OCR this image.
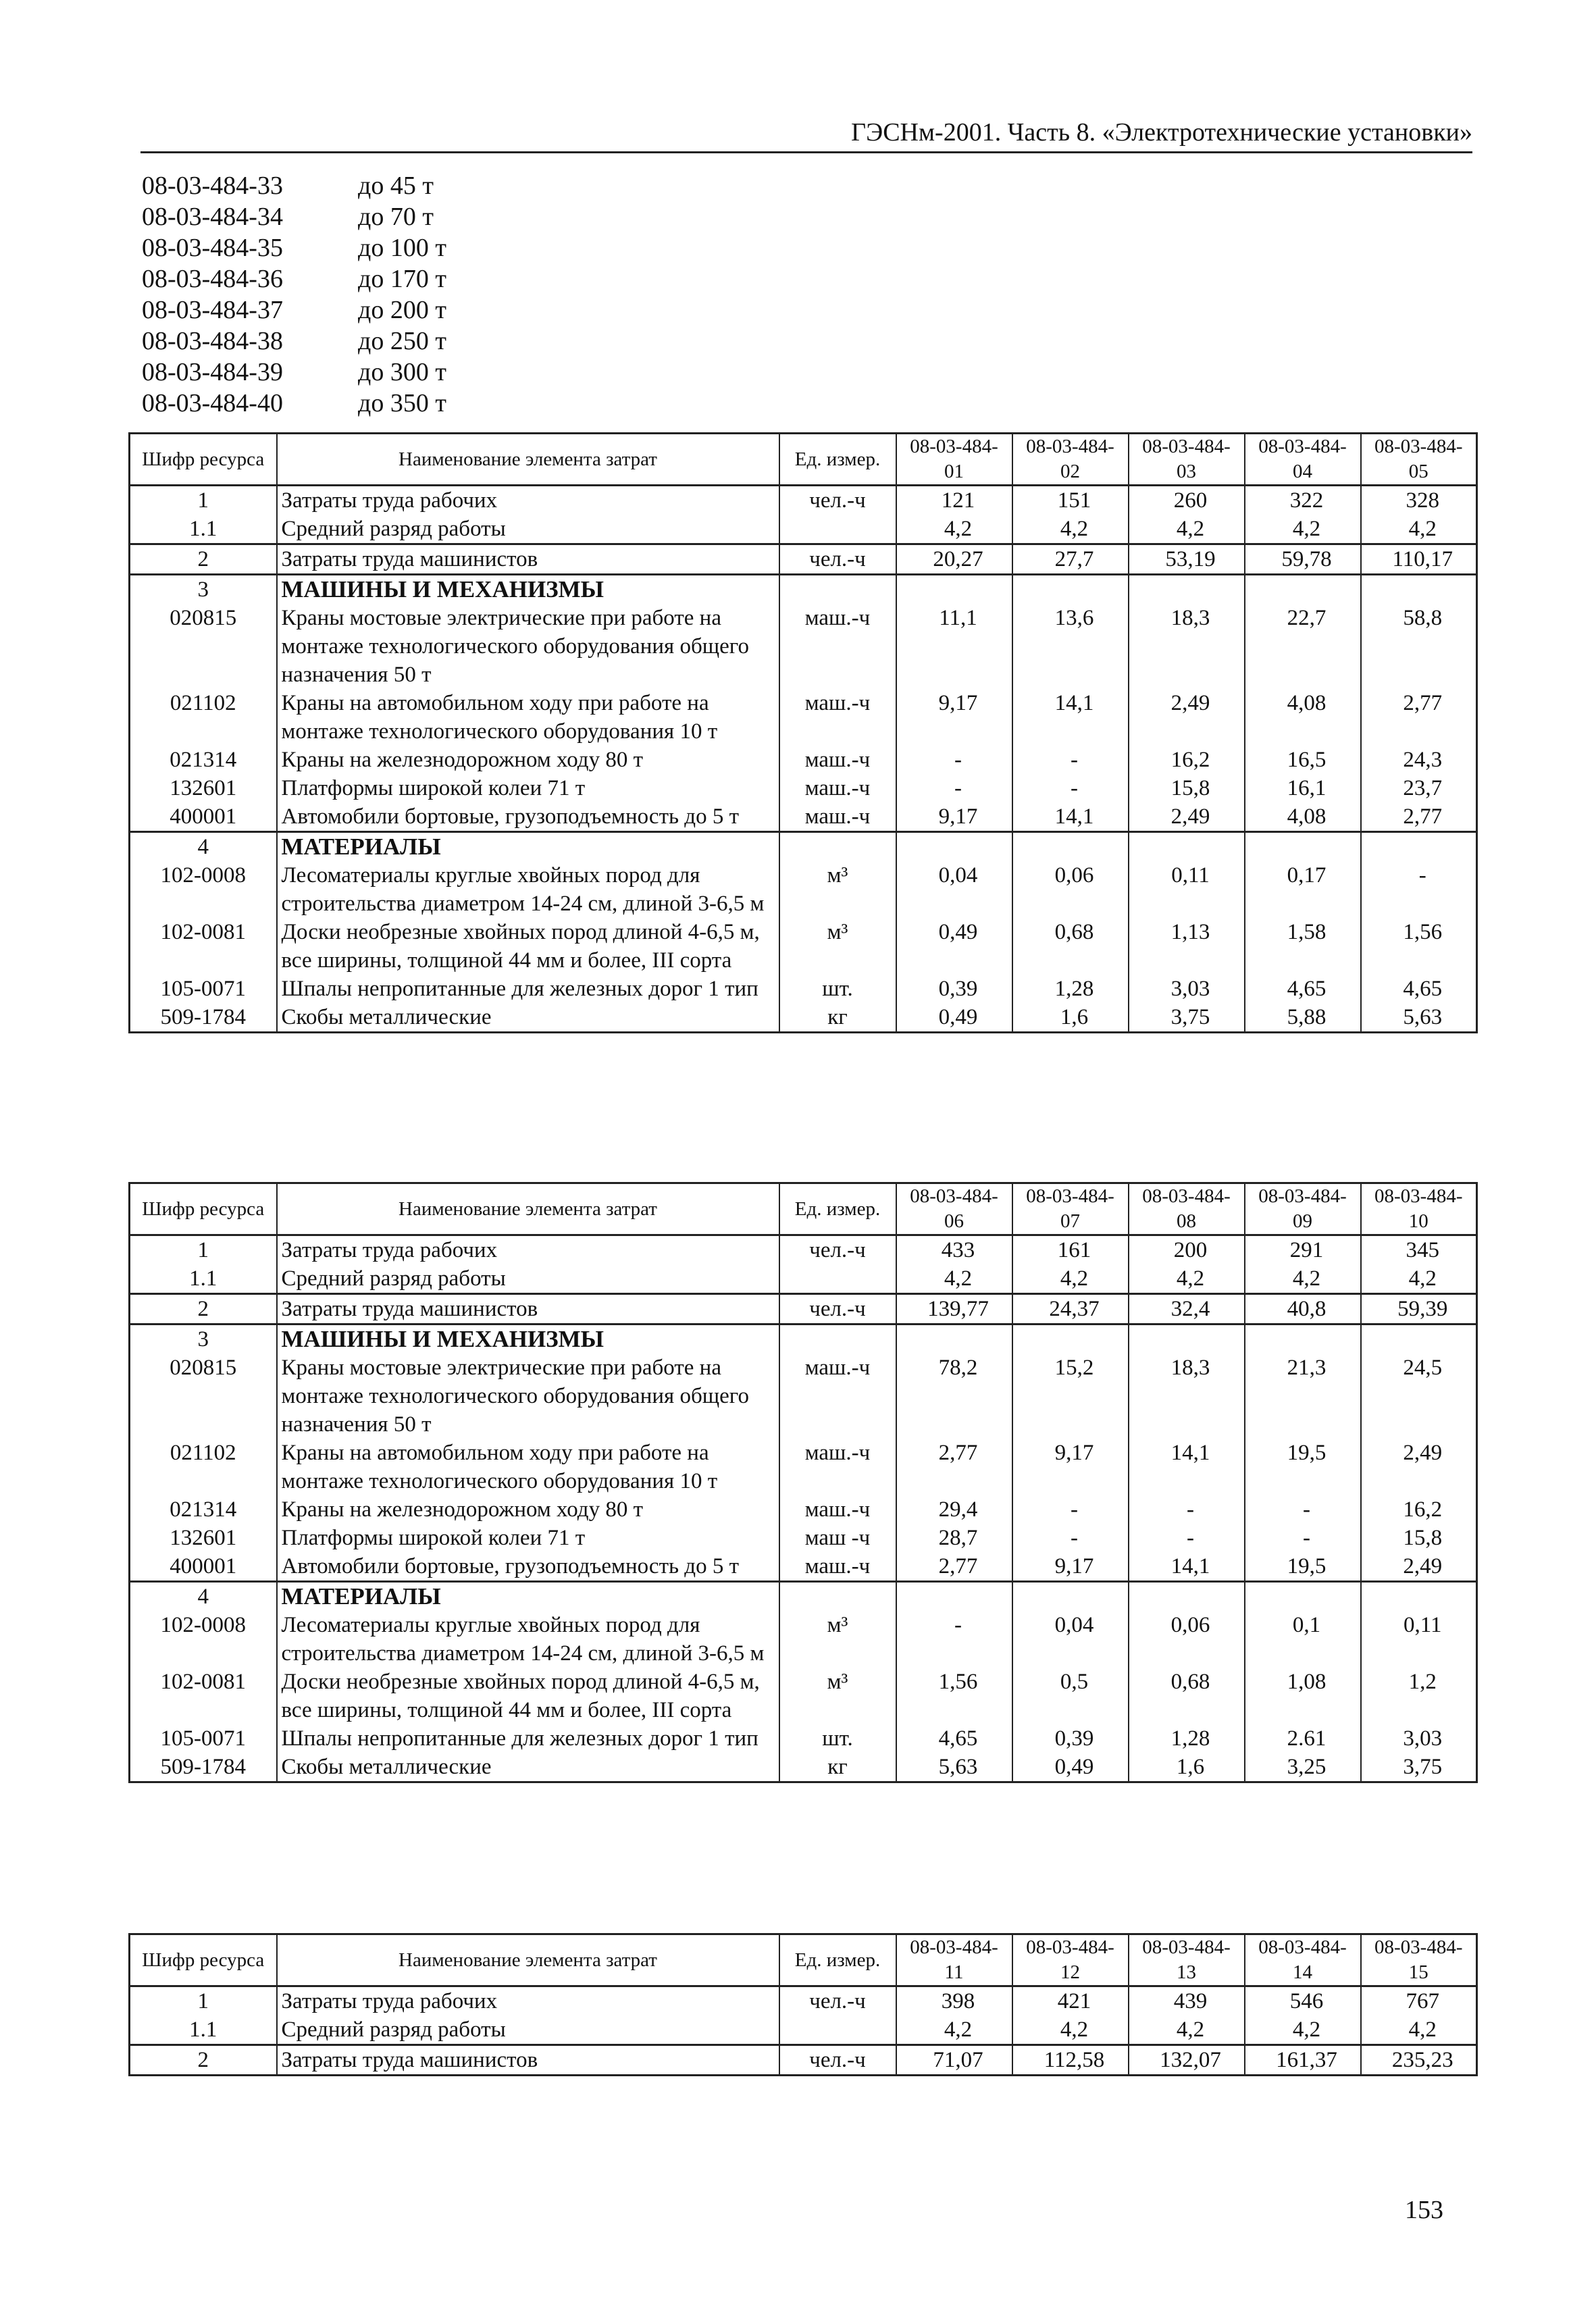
ГЭСНм-2001. Часть 8. «Электротехнические установки»
08-03-484-33	до 45 т
08-03-484-34	до 70 т
08-03-484-35	до 100 т
08-03-484-36	до 170 т
08-03-484-37	до 200 т
08-03-484-38	до 250 т
08-03-484-39	до 300 т
08-03-484-40	до 350 т
Шифр ресурса	Наименование элемента затрат	Ед. измер.	08-03-484-01	08-03-484-02	08-03-484-03	08-03-484-04	08-03-484-05
1	Затраты труда рабочих	чел.-ч	121	151	260	322	328
1.1	Средний разряд работы		4,2	4,2	4,2	4,2	4,2
2	Затраты труда машинистов	чел.-ч	20,27	27,7	53,19	59,78	110,17
3	МАШИНЫ И МЕХАНИЗМЫ						
020815	Краны мостовые электрические при работе на монтаже технологического оборудования общего назначения 50 т	маш.-ч	11,1	13,6	18,3	22,7	58,8
021102	Краны на автомобильном ходу при работе на монтаже технологического оборудования 10 т	маш.-ч	9,17	14,1	2,49	4,08	2,77
021314	Краны на железнодорожном ходу 80 т	маш.-ч	-	-	16,2	16,5	24,3
132601	Платформы широкой колеи 71 т	маш.-ч	-	-	15,8	16,1	23,7
400001	Автомобили бортовые, грузоподъемность до 5 т	маш.-ч	9,17	14,1	2,49	4,08	2,77
4	МАТЕРИАЛЫ						
102-0008	Лесоматериалы круглые хвойных пород для строительства диаметром 14-24 см, длиной 3-6,5 м	м³	0,04	0,06	0,11	0,17	-
102-0081	Доски необрезные хвойных пород длиной 4-6,5 м, все ширины, толщиной 44 мм и более, III сорта	м³	0,49	0,68	1,13	1,58	1,56
105-0071	Шпалы непропитанные для железных дорог 1 тип	шт.	0,39	1,28	3,03	4,65	4,65
509-1784	Скобы металлические	кг	0,49	1,6	3,75	5,88	5,63
Шифр ресурса	Наименование элемента затрат	Ед. измер.	08-03-484-06	08-03-484-07	08-03-484-08	08-03-484-09	08-03-484-10
1	Затраты труда рабочих	чел.-ч	433	161	200	291	345
1.1	Средний разряд работы		4,2	4,2	4,2	4,2	4,2
2	Затраты труда машинистов	чел.-ч	139,77	24,37	32,4	40,8	59,39
3	МАШИНЫ И МЕХАНИЗМЫ						
020815	Краны мостовые электрические при работе на монтаже технологического оборудования общего назначения 50 т	маш.-ч	78,2	15,2	18,3	21,3	24,5
021102	Краны на автомобильном ходу при работе на монтаже технологического оборудования 10 т	маш.-ч	2,77	9,17	14,1	19,5	2,49
021314	Краны на железнодорожном ходу 80 т	маш.-ч	29,4	-	-	-	16,2
132601	Платформы широкой колеи 71 т	маш -ч	28,7	-	-	-	15,8
400001	Автомобили бортовые, грузоподъемность до 5 т	маш.-ч	2,77	9,17	14,1	19,5	2,49
4	МАТЕРИАЛЫ						
102-0008	Лесоматериалы круглые хвойных пород для строительства диаметром 14-24 см, длиной 3-6,5 м	м³	-	0,04	0,06	0,1	0,11
102-0081	Доски необрезные хвойных пород длиной 4-6,5 м, все ширины, толщиной 44 мм и более, III сорта	м³	1,56	0,5	0,68	1,08	1,2
105-0071	Шпалы непропитанные для железных дорог 1 тип	шт.	4,65	0,39	1,28	2.61	3,03
509-1784	Скобы металлические	кг	5,63	0,49	1,6	3,25	3,75
Шифр ресурса	Наименование элемента затрат	Ед. измер.	08-03-484-11	08-03-484-12	08-03-484-13	08-03-484-14	08-03-484-15
1	Затраты труда рабочих	чел.-ч	398	421	439	546	767
1.1	Средний разряд работы		4,2	4,2	4,2	4,2	4,2
2	Затраты труда машинистов	чел.-ч	71,07	112,58	132,07	161,37	235,23
153
